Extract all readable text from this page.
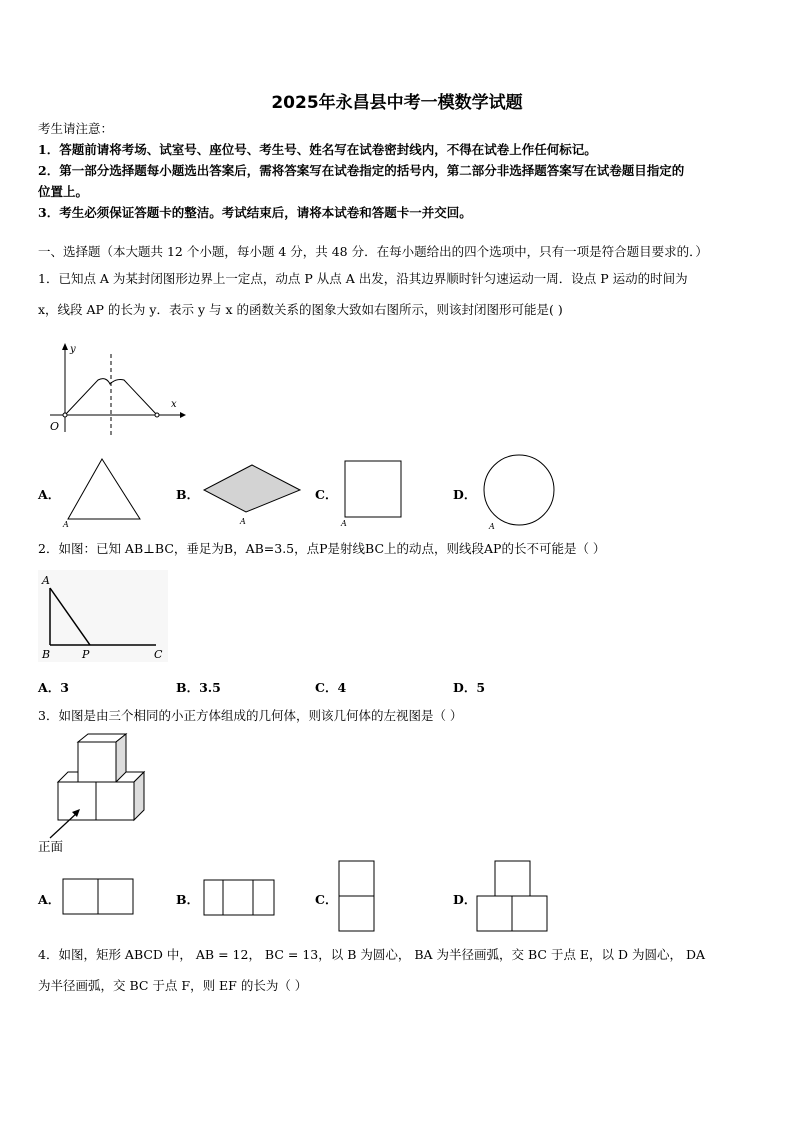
2025年永昌县中考一模数学试题
考生请注意：
1．答题前请将考场、试室号、座位号、考生号、姓名写在试卷密封线内，不得在试卷上作任何标记。
2．第一部分选择题每小题选出答案后，需将答案写在试卷指定的括号内，第二部分非选择题答案写在试卷题目指定的
位置上。
3．考生必须保证答题卡的整洁。考试结束后，请将本试卷和答题卡一并交回。
一、选择题（本大题共 12 个小题，每小题 4 分，共 48 分．在每小题给出的四个选项中，只有一项是符合题目要求的．）
1．已知点 A 为某封闭图形边界上一定点，动点 P 从点 A 出发，沿其边界顺时针匀速运动一周．设点 P 运动的时间为
x，线段 AP 的长为 y．表示 y 与 x 的函数关系的图象大致如右图所示，则该封闭图形可能是( )
y
x
O
A．
A
B．
A
C．
A
D．
A
2．如图：已知 AB⊥BC，垂足为B，AB=3.5，点P是射线BC上的动点，则线段AP的长不可能是（ ）
A
B	P	C
A．3	B．3.5	C．4	D．5
3．如图是由三个相同的小正方体组成的几何体，则该几何体的左视图是（ ）
正面
A．	B．	C．	D．
4．如图，矩形 ABCD 中， AB = 12， BC = 13，以 B 为圆心， BA 为半径画弧，交 BC 于点 E，以 D 为圆心， DA
为半径画弧，交 BC 于点 F，则 EF 的长为（ ）
